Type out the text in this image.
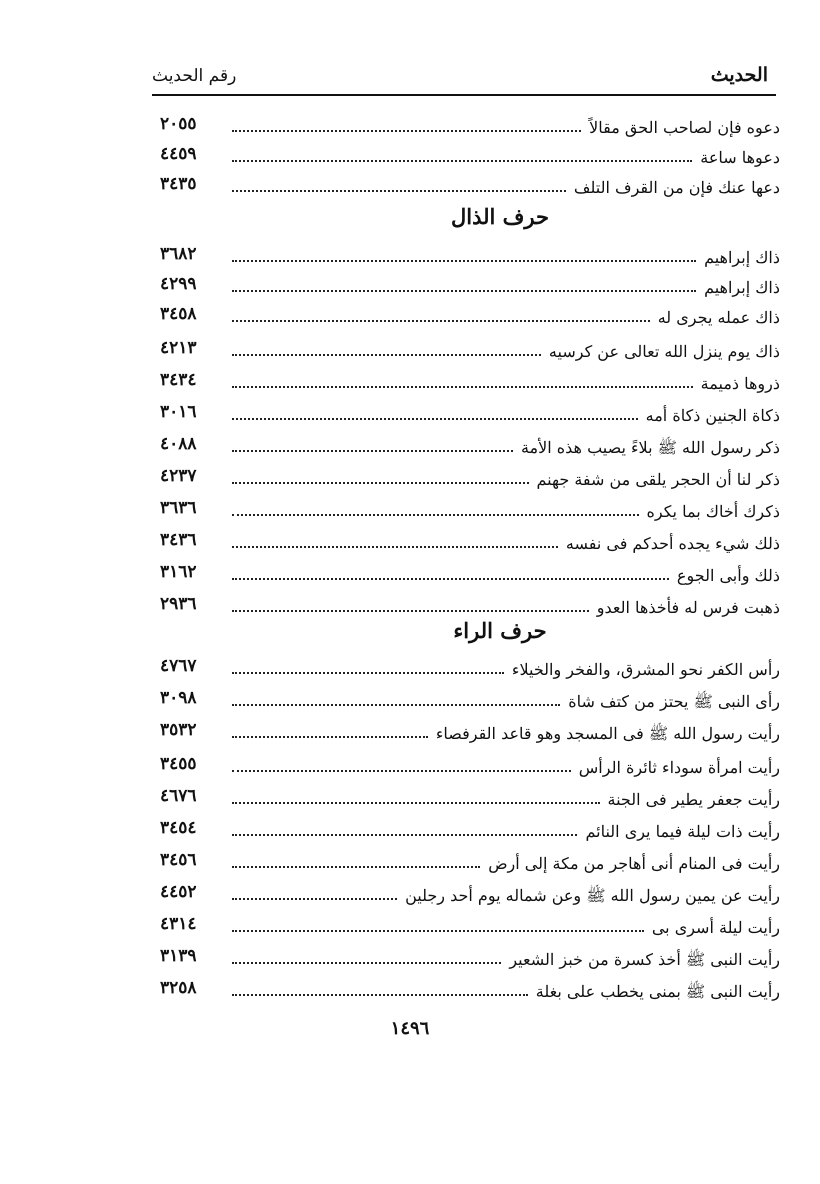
الحديث
رقم الحديث
دعوه فإن لصاحب الحق مقالاً
٢٠٥٥
دعوها ساعة
٤٤٥٩
دعها عنك فإن من القرف التلف
٣٤٣٥
حرف الذال
ذاك إبراهيم
٣٦٨٢
ذاك إبراهيم
٤٢٩٩
ذاك عمله يجرى له
٣٤٥٨
ذاك يوم ينزل الله تعالى عن كرسيه
٤٢١٣
ذروها ذميمة
٣٤٣٤
ذكاة الجنين ذكاة أمه
٣٠١٦
ذكر رسول الله ﷺ بلاءً يصيب هذه الأمة
٤٠٨٨
ذكر لنا أن الحجر يلقى من شفة جهنم
٤٢٣٧
ذكرك أخاك بما يكره
٣٦٣٦
ذلك شيء يجده أحدكم فى نفسه
٣٤٣٦
ذلك وأبى الجوع
٣١٦٢
ذهبت فرس له فأخذها العدو
٢٩٣٦
حرف الراء
رأس الكفر نحو المشرق، والفخر والخيلاء
٤٧٦٧
رأى النبى ﷺ يحتز من كتف شاة
٣٠٩٨
رأيت رسول الله ﷺ فى المسجد وهو قاعد القرفصاء
٣٥٣٢
رأيت امرأة سوداء ثائرة الرأس
٣٤٥٥
رأيت جعفر يطير فى الجنة
٤٦٧٦
رأيت ذات ليلة فيما يرى النائم
٣٤٥٤
رأيت فى المنام أنى أهاجر من مكة إلى أرض
٣٤٥٦
رأيت عن يمين رسول الله ﷺ وعن شماله يوم أحد رجلين
٤٤٥٢
رأيت ليلة أسرى بى
٤٣١٤
رأيت النبى ﷺ أخذ كسرة من خبز الشعير
٣١٣٩
رأيت النبى ﷺ بمنى يخطب على بغلة
٣٢٥٨
١٤٩٦
